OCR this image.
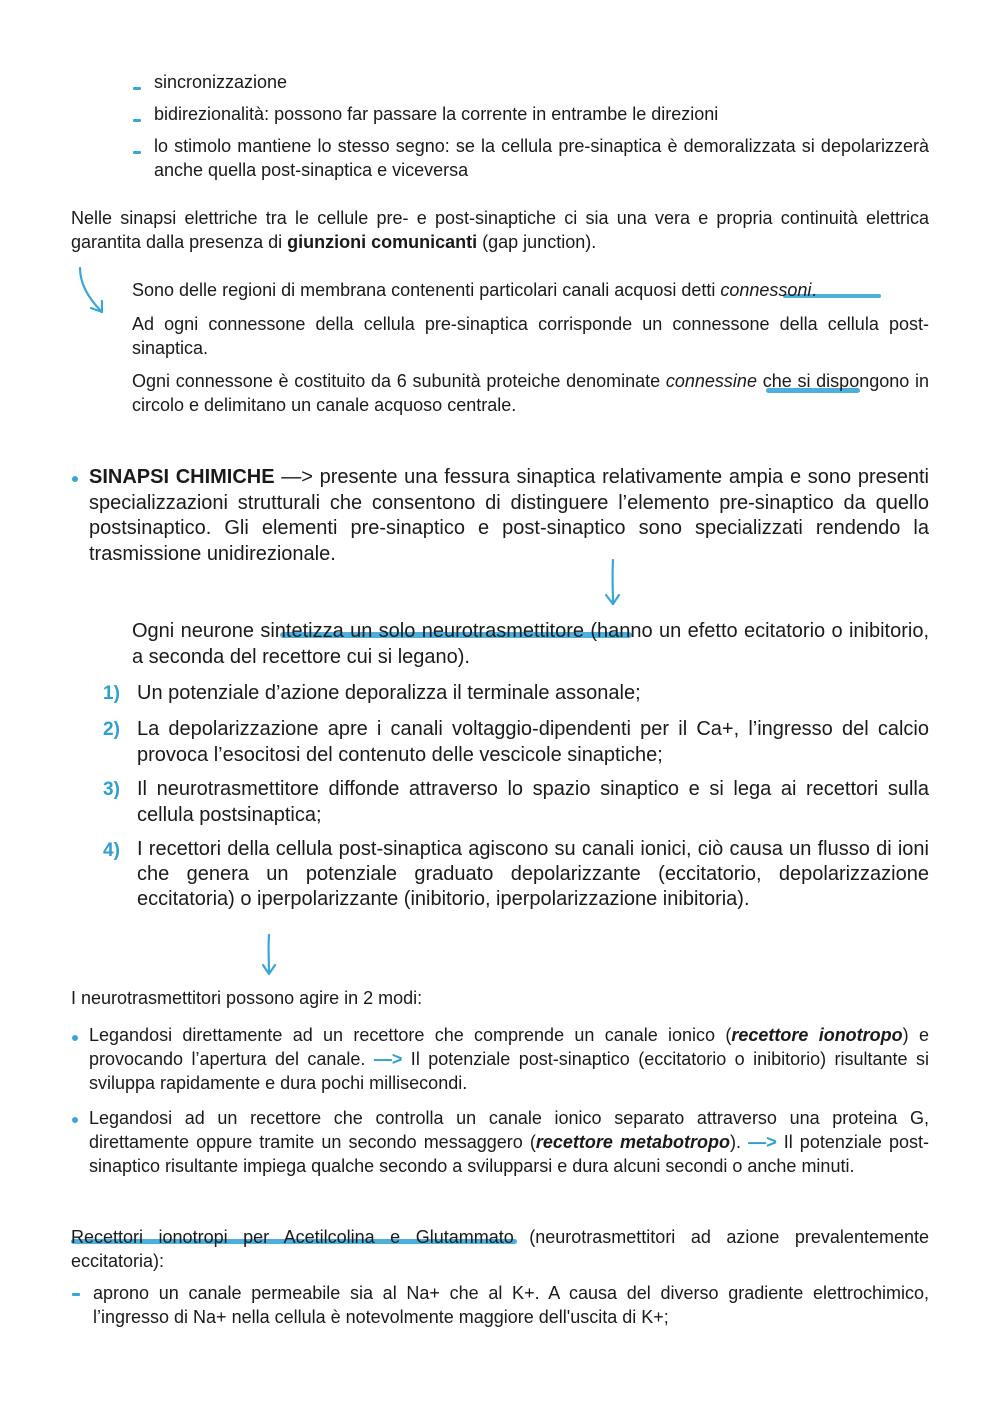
sincronizzazione

bidirezionalità: possono far passare la corrente in entrambe le direzioni

lo stimolo mantiene lo stesso segno: se la cellula pre-sinaptica è demoralizzata si depolarizzerà anche quella post-sinaptica e viceversa

Nelle sinapsi elettriche tra le cellule pre- e post-sinaptiche ci sia una vera e propria continuità elettrica garantita dalla presenza di giunzioni comunicanti (gap junction).

Sono delle regioni di membrana contenenti particolari canali acquosi detti connessoni.

Ad ogni connessone della cellula pre-sinaptica corrisponde un connessone della cellula post-sinaptica.

Ogni connessone è costituito da 6 subunità proteiche denominate connessine che si dispongono in circolo e delimitano un canale acquoso centrale.

SINAPSI CHIMICHE —> presente una fessura sinaptica relativamente ampia e sono presenti specializzazioni strutturali che consentono di distinguere l’elemento pre-sinaptico da quello postsinaptico. Gli elementi pre-sinaptico e post-sinaptico sono specializzati rendendo la trasmissione unidirezionale.

Ogni neurone sintetizza un solo neurotrasmettitore (hanno un efetto ecitatorio o inibitorio, a seconda del recettore cui si legano).

1) Un potenziale d’azione deporalizza il terminale assonale;

2) La depolarizzazione apre i canali voltaggio-dipendenti per il Ca+, l’ingresso del calcio provoca l’esocitosi del contenuto delle vescicole sinaptiche;

3) Il neurotrasmettitore diffonde attraverso lo spazio sinaptico e si lega ai recettori sulla cellula postsinaptica;

4) I recettori della cellula post-sinaptica agiscono su canali ionici, ciò causa un flusso di ioni che genera un potenziale graduato depolarizzante (eccitatorio, depolarizzazione eccitatoria) o iperpolarizzante (inibitorio, iperpolarizzazione inibitoria).

I neurotrasmettitori possono agire in 2 modi:

Legandosi direttamente ad un recettore che comprende un canale ionico (recettore ionotropo) e provocando l’apertura del canale. —> Il potenziale post-sinaptico (eccitatorio o inibitorio) risultante si sviluppa rapidamente e dura pochi millisecondi.

Legandosi ad un recettore che controlla un canale ionico separato attraverso una proteina G, direttamente oppure tramite un secondo messaggero (recettore metabotropo). —> Il potenziale post-sinaptico risultante impiega qualche secondo a svilupparsi e dura alcuni secondi o anche minuti.

Recettori ionotropi per Acetilcolina e Glutammato (neurotrasmettitori ad azione prevalentemente eccitatoria):

aprono un canale permeabile sia al Na+ che al K+. A causa del diverso gradiente elettrochimico, l’ingresso di Na+ nella cellula è notevolmente maggiore dell'uscita di K+;
